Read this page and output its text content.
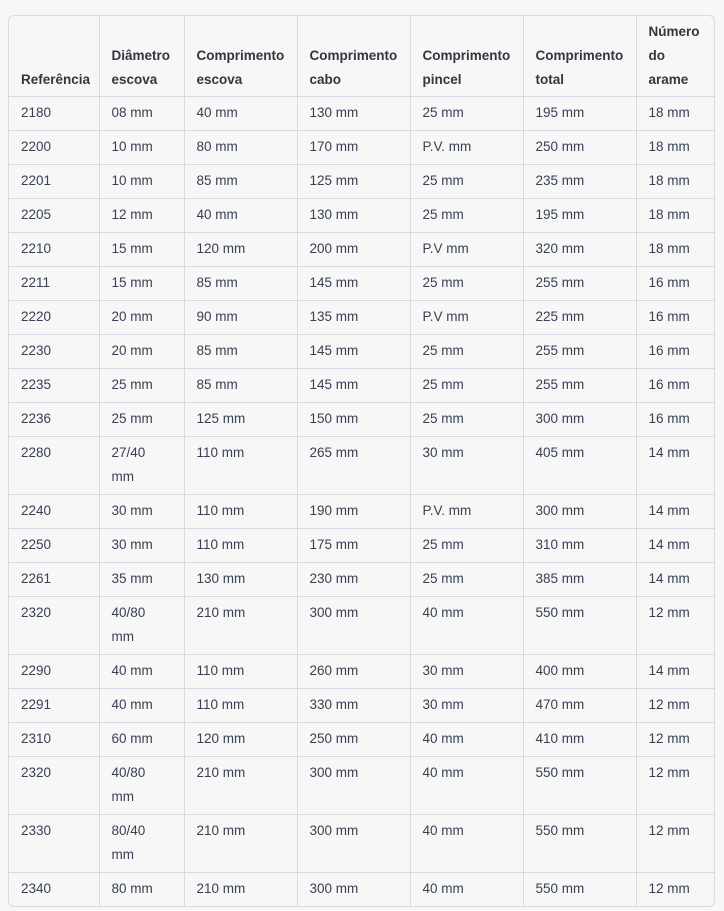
Referência	Diâmetro escova	Comprimento escova	Comprimento cabo	Comprimento pincel	Comprimento total	Número do arame
2180	08 mm	40 mm	130 mm	25 mm	195 mm	18 mm
2200	10 mm	80 mm	170 mm	P.V. mm	250 mm	18 mm
2201	10 mm	85 mm	125 mm	25 mm	235 mm	18 mm
2205	12 mm	40 mm	130 mm	25 mm	195 mm	18 mm
2210	15 mm	120 mm	200 mm	P.V mm	320 mm	18 mm
2211	15 mm	85 mm	145 mm	25 mm	255 mm	16 mm
2220	20 mm	90 mm	135 mm	P.V mm	225 mm	16 mm
2230	20 mm	85 mm	145 mm	25 mm	255 mm	16 mm
2235	25 mm	85 mm	145 mm	25 mm	255 mm	16 mm
2236	25 mm	125 mm	150 mm	25 mm	300 mm	16 mm
2280	27/40 mm	110 mm	265 mm	30 mm	405 mm	14 mm
2240	30 mm	110 mm	190 mm	P.V. mm	300 mm	14 mm
2250	30 mm	110 mm	175 mm	25 mm	310 mm	14 mm
2261	35 mm	130 mm	230 mm	25 mm	385 mm	14 mm
2320	40/80 mm	210 mm	300 mm	40 mm	550 mm	12 mm
2290	40 mm	110 mm	260 mm	30 mm	400 mm	14 mm
2291	40 mm	110 mm	330 mm	30 mm	470 mm	12 mm
2310	60 mm	120 mm	250 mm	40 mm	410 mm	12 mm
2320	40/80 mm	210 mm	300 mm	40 mm	550 mm	12 mm
2330	80/40 mm	210 mm	300 mm	40 mm	550 mm	12 mm
2340	80 mm	210 mm	300 mm	40 mm	550 mm	12 mm
